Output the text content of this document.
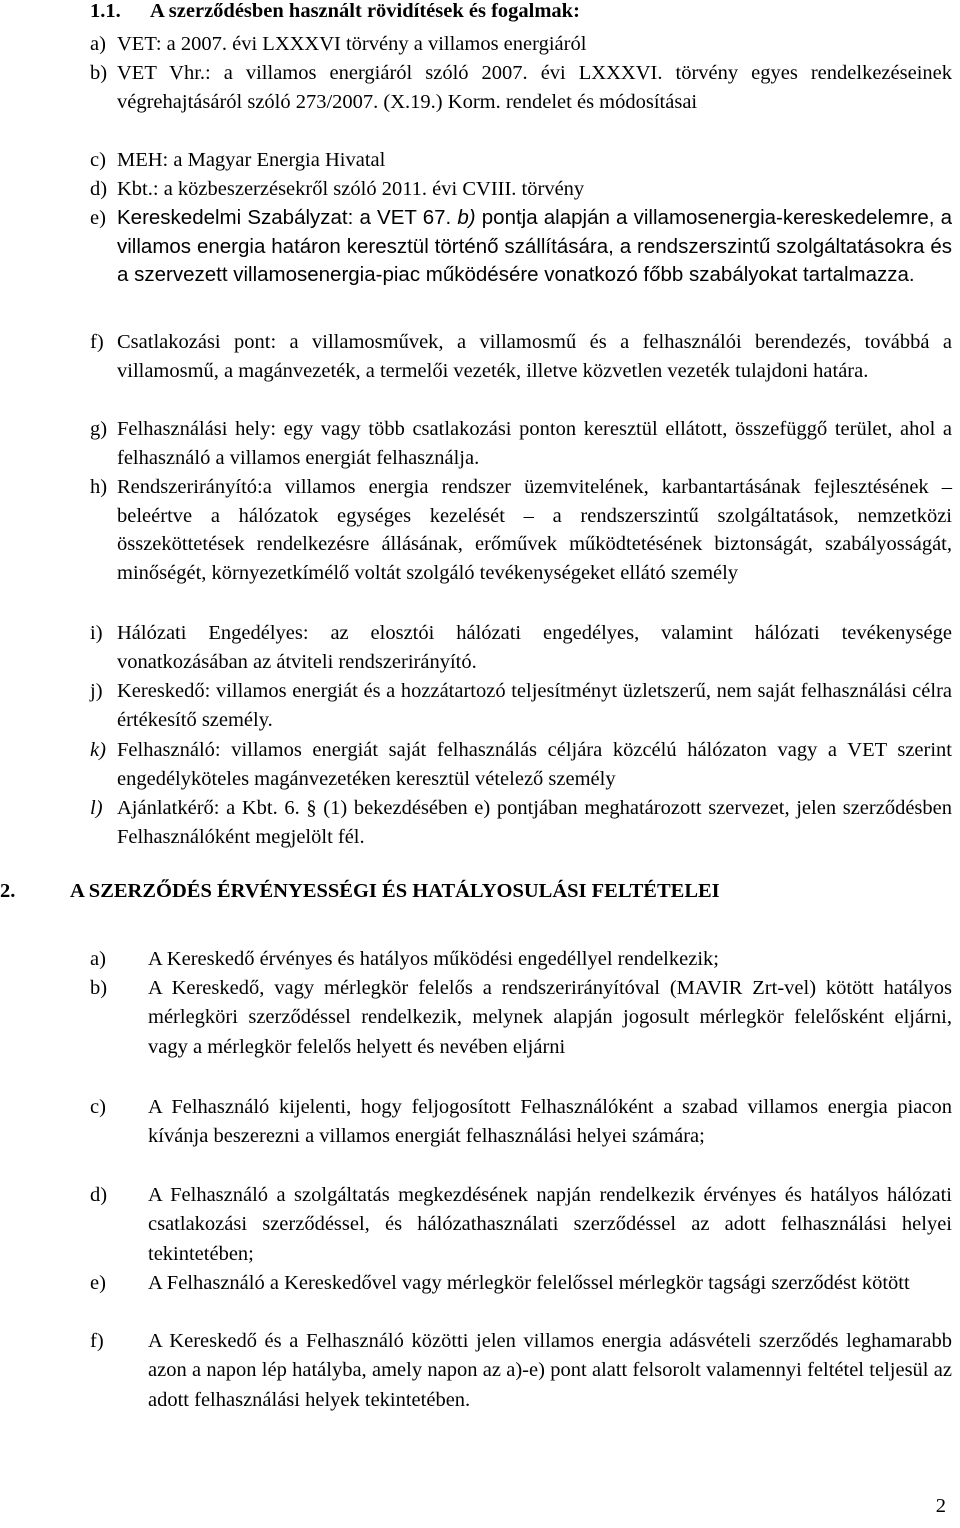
1.1. A szerződésben használt rövidítések és fogalmak:
a) VET: a 2007. évi LXXXVI törvény a villamos energiáról
b) VET Vhr.: a villamos energiáról szóló 2007. évi LXXXVI. törvény egyes rendelkezéseinek végrehajtásáról szóló 273/2007. (X.19.) Korm. rendelet és módosításai
c) MEH: a Magyar Energia Hivatal
d) Kbt.: a közbeszerzésekről szóló 2011. évi CVIII. törvény
e) Kereskedelmi Szabályzat: a VET 67. b) pontja alapján a villamosenergia-kereskedelemre, a villamos energia határon keresztül történő szállítására, a rendszerszintű szolgáltatásokra és a szervezett villamosenergia-piac működésére vonatkozó főbb szabályokat tartalmazza.
f) Csatlakozási pont: a villamosművek, a villamosmű és a felhasználói berendezés, továbbá a villamosmű, a magánvezeték, a termelői vezeték, illetve közvetlen vezeték tulajdoni határa.
g) Felhasználási hely: egy vagy több csatlakozási ponton keresztül ellátott, összefüggő terület, ahol a felhasználó a villamos energiát felhasználja.
h) Rendszerirányító:a villamos energia rendszer üzemvitelének, karbantartásának fejlesztésének – beleértve a hálózatok egységes kezelését – a rendszerszintű szolgáltatások, nemzetközi összeköttetések rendelkezésre állásának, erőművek működtetésének biztonságát, szabályosságát, minőségét, környezetkímélő voltát szolgáló tevékenységeket ellátó személy
i) Hálózati Engedélyes: az elosztói hálózati engedélyes, valamint hálózati tevékenysége vonatkozásában az átviteli rendszerirányító.
j) Kereskedő: villamos energiát és a hozzátartozó teljesítményt üzletszerű, nem saját felhasználási célra értékesítő személy.
k) Felhasználó: villamos energiát saját felhasználás céljára közcélú hálózaton vagy a VET szerint engedélyköteles magánvezetéken keresztül vételező személy
l) Ajánlatkérő: a Kbt. 6. § (1) bekezdésében e) pontjában meghatározott szervezet, jelen szerződésben Felhasználóként megjelölt fél.
2.	A SZERZŐDÉS ÉRVÉNYESSÉGI ÉS HATÁLYOSULÁSI FELTÉTELEI
a) A Kereskedő érvényes és hatályos működési engedéllyel rendelkezik;
b) A Kereskedő, vagy mérlegkör felelős a rendszerirányítóval (MAVIR Zrt-vel) kötött hatályos mérlegköri szerződéssel rendelkezik, melynek alapján jogosult mérlegkör felelősként eljárni, vagy a mérlegkör felelős helyett és nevében eljárni
c) A Felhasználó kijelenti, hogy feljogosított Felhasználóként a szabad villamos energia piacon kívánja beszerezni a villamos energiát felhasználási helyei számára;
d) A Felhasználó a szolgáltatás megkezdésének napján rendelkezik érvényes és hatályos hálózati csatlakozási szerződéssel, és hálózathasználati szerződéssel az adott felhasználási helyei tekintetében;
e) A Felhasználó a Kereskedővel vagy mérlegkör felelőssel mérlegkör tagsági szerződést kötött
f) A Kereskedő és a Felhasználó közötti jelen villamos energia adásvételi szerződés leghamarabb azon a napon lép hatályba, amely napon az a)-e) pont alatt felsorolt valamennyi feltétel teljesül az adott felhasználási helyek tekintetében.
2
